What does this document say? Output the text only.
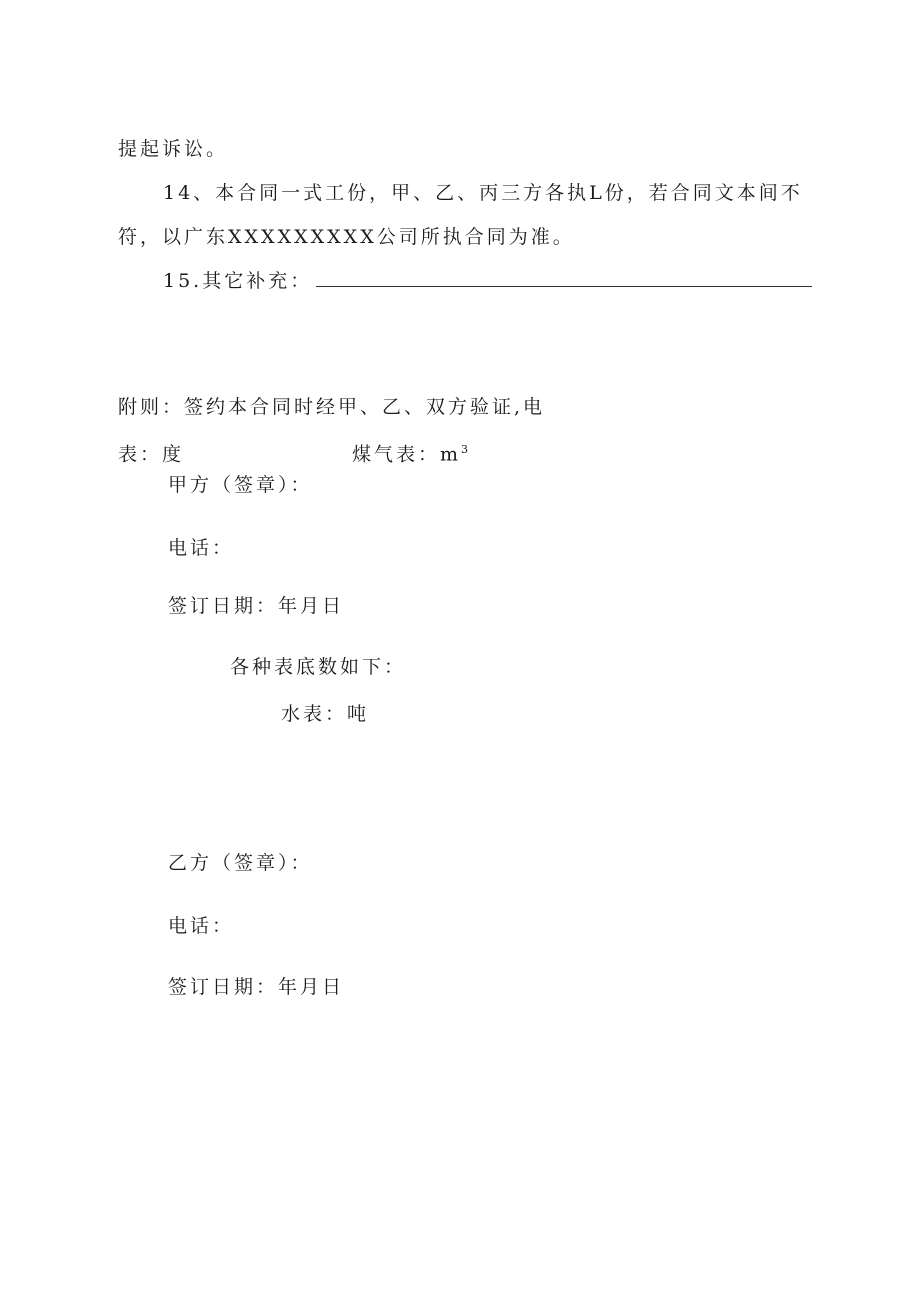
提起诉讼。
14、本合同一式工份，甲、乙、丙三方各执L份，若合同文本间不
符，以广东XXXXXXXXX公司所执合同为准。
15.其它补充：
附则：签约本合同时经甲、乙、双方验证,电
表：度	煤气表：$m^3$
甲方（签章）：
电话：
签订日期：年月日
各种表底数如下：
水表：吨
乙方（签章）：
电话：
签订日期：年月日
